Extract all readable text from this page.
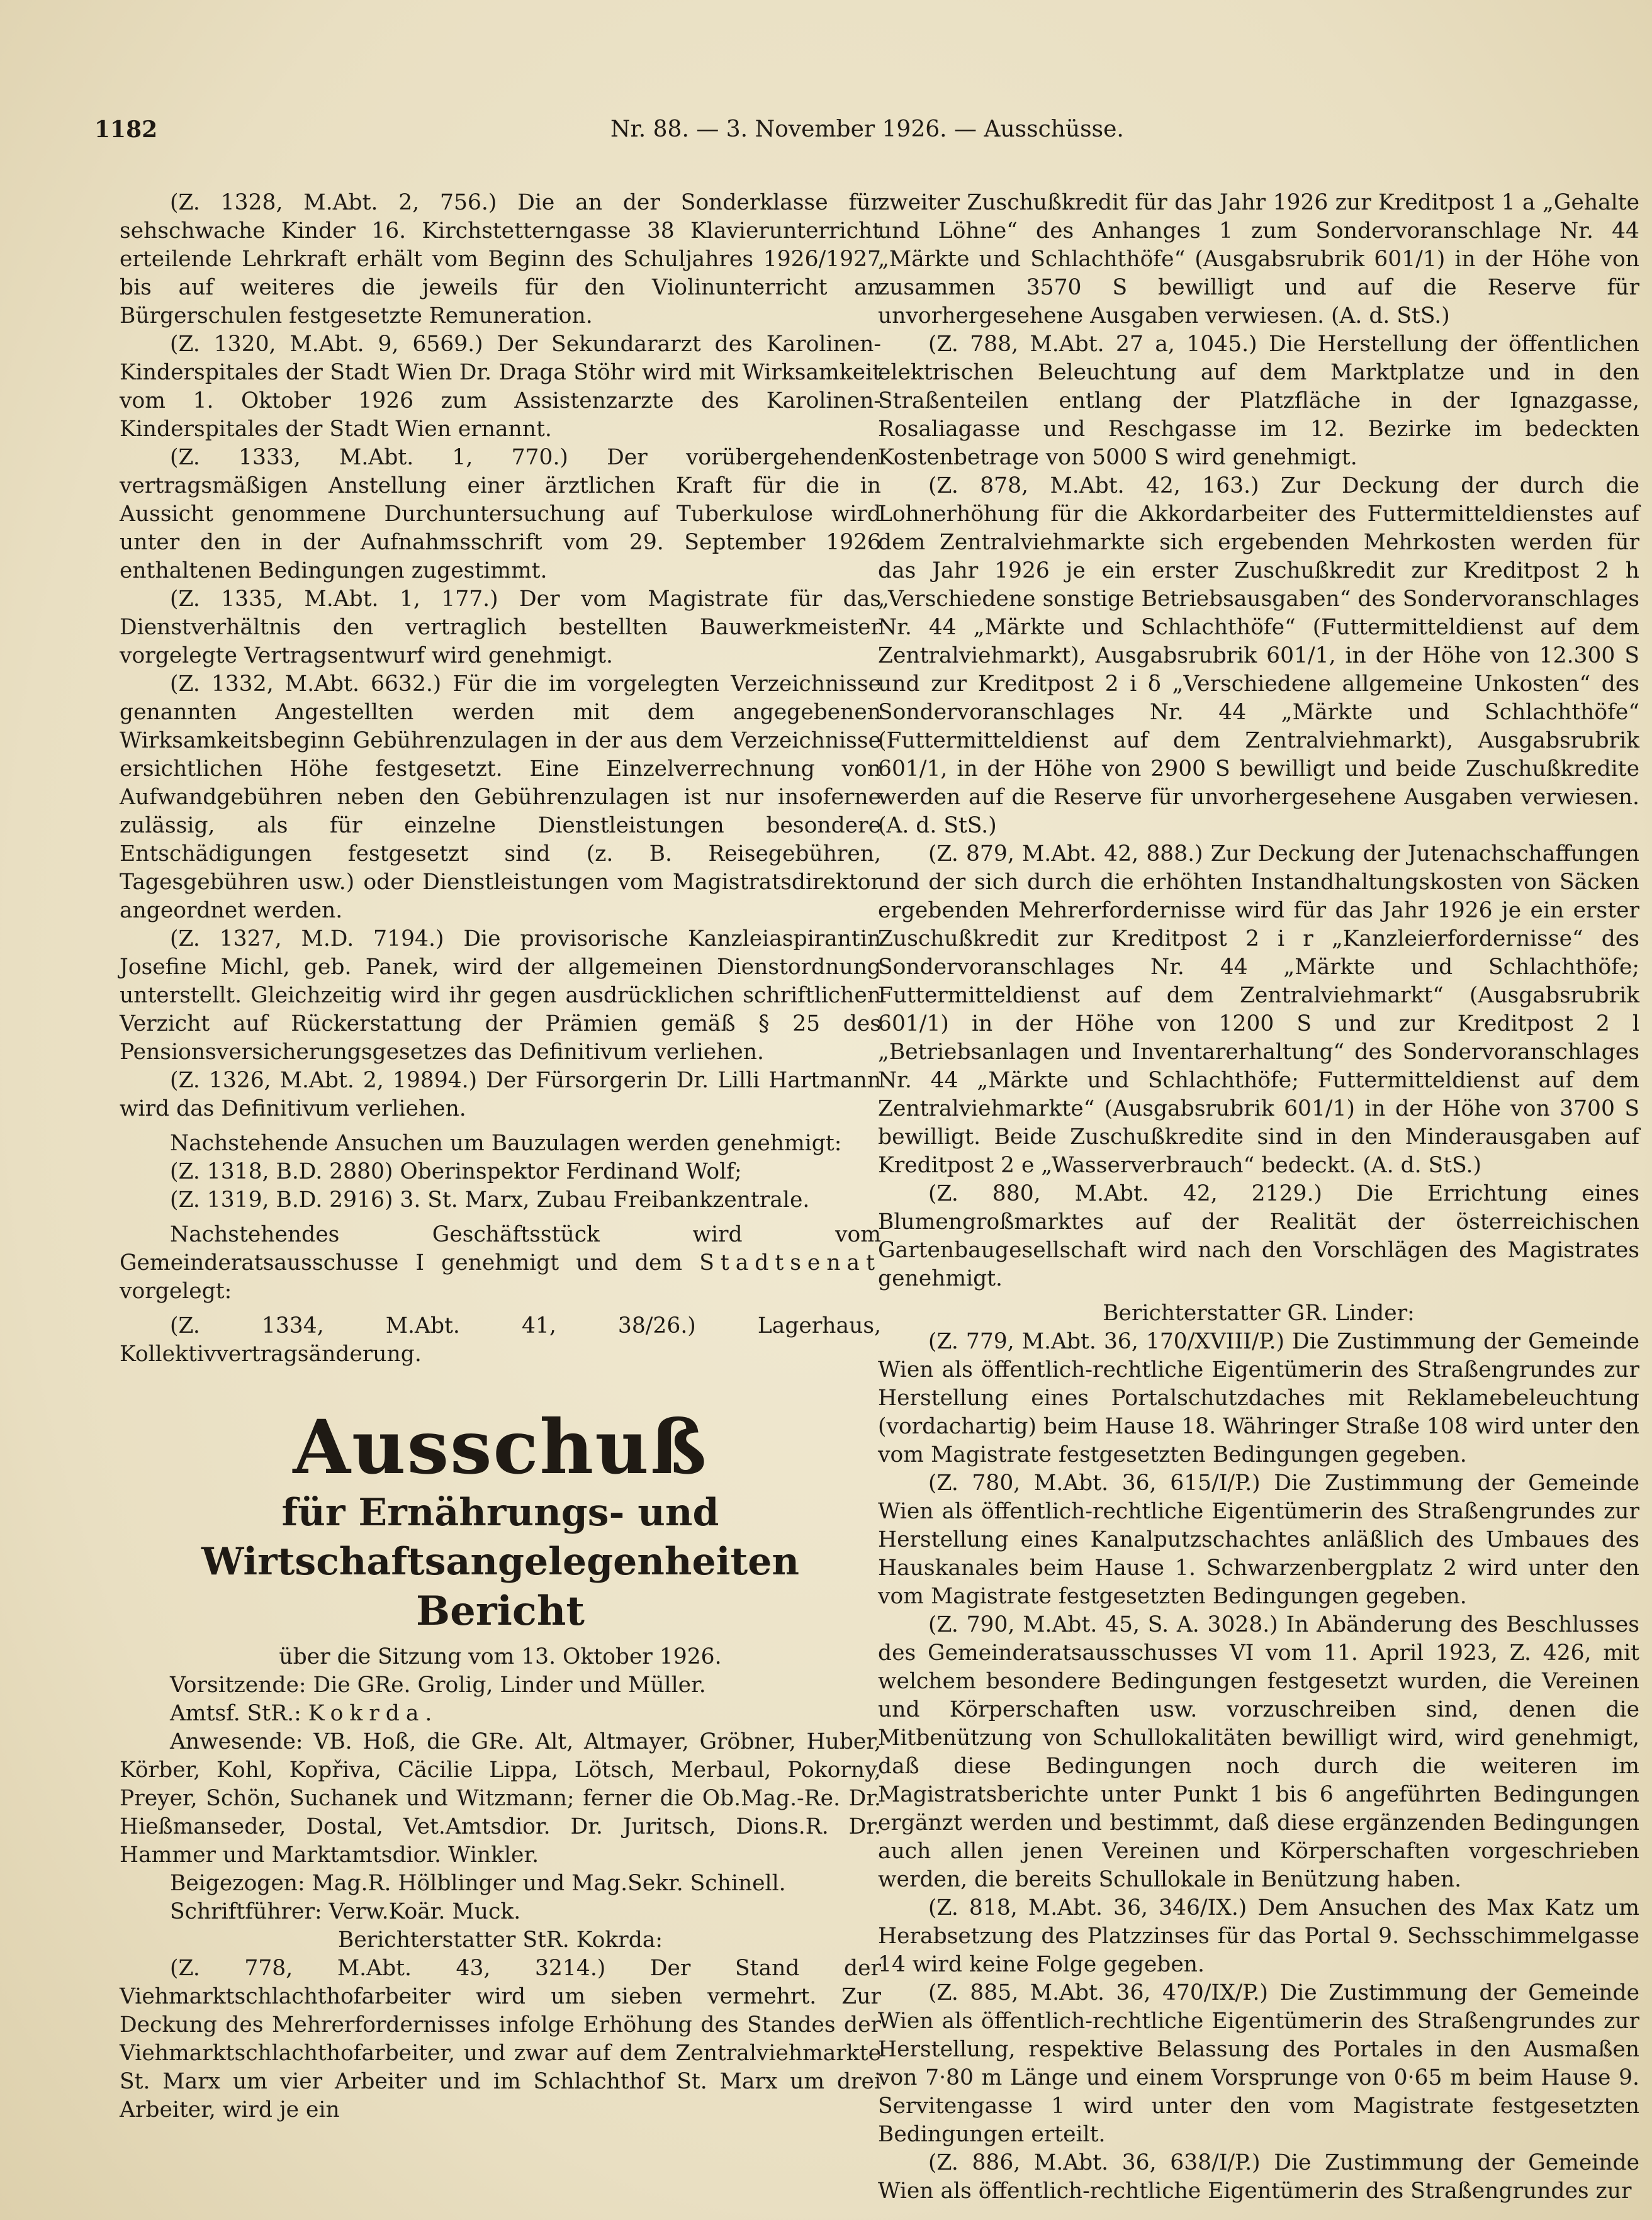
1182	Nr. 88. — 3. November 1926. — Ausschüsse.

(Z. 1328, M.Abt. 2, 756.) Die an der Sonderklasse für sehschwache Kinder 16. Kirchstetterngasse 38 Klavierunterricht erteilende Lehrkraft erhält vom Beginn des Schuljahres 1926/1927 bis auf weiteres die jeweils für den Violinunterricht an Bürgerschulen festgesetzte Remuneration.

(Z. 1320, M.Abt. 9, 6569.) Der Sekundararzt des Karolinen-Kinderspitales der Stadt Wien Dr. Draga Stöhr wird mit Wirksamkeit vom 1. Oktober 1926 zum Assistenzarzte des Karolinen-Kinderspitales der Stadt Wien ernannt.

(Z. 1333, M.Abt. 1, 770.) Der vorübergehenden vertragsmäßigen Anstellung einer ärztlichen Kraft für die in Aussicht genommene Durchuntersuchung auf Tuberkulose wird unter den in der Aufnahmsschrift vom 29. September 1926 enthaltenen Bedingungen zugestimmt.

(Z. 1335, M.Abt. 1, 177.) Der vom Magistrate für das Dienstverhältnis den vertraglich bestellten Bauwerkmeister vorgelegte Vertragsentwurf wird genehmigt.

(Z. 1332, M.Abt. 6632.) Für die im vorgelegten Verzeichnisse genannten Angestellten werden mit dem angegebenen Wirksamkeitsbeginn Gebührenzulagen in der aus dem Verzeichnisse ersichtlichen Höhe festgesetzt. Eine Einzelverrechnung von Aufwandgebühren neben den Gebührenzulagen ist nur insoferne zulässig, als für einzelne Dienstleistungen besondere Entschädigungen festgesetzt sind (z. B. Reisegebühren, Tagesgebühren usw.) oder Dienstleistungen vom Magistratsdirektor angeordnet werden.

(Z. 1327, M.D. 7194.) Die provisorische Kanzleiaspirantin Josefine Michl, geb. Panek, wird der allgemeinen Dienstordnung unterstellt. Gleichzeitig wird ihr gegen ausdrücklichen schriftlichen Verzicht auf Rückerstattung der Prämien gemäß § 25 des Pensionsversicherungsgesetzes das Definitivum verliehen.

(Z. 1326, M.Abt. 2, 19894.) Der Fürsorgerin Dr. Lilli Hartmann wird das Definitivum verliehen.

Nachstehende Ansuchen um Bauzulagen werden genehmigt:

(Z. 1318, B.D. 2880) Oberinspektor Ferdinand Wolf;

(Z. 1319, B.D. 2916) 3. St. Marx, Zubau Freibankzentrale.

Nachstehendes Geschäftsstück wird vom Gemeinderatsausschusse I genehmigt und dem Stadtsenat vorgelegt:

(Z. 1334, M.Abt. 41, 38/26.) Lagerhaus, Kollektivvertragsänderung.

Ausschuß
für Ernährungs- und Wirtschaftsangelegenheiten
Bericht

über die Sitzung vom 13. Oktober 1926.

Vorsitzende: Die GRe. Grolig, Linder und Müller.

Amtsf. StR.: Kokrda.

Anwesende: VB. Hoß, die GRe. Alt, Altmayer, Gröbner, Huber, Körber, Kohl, Kopřiva, Cäcilie Lippa, Lötsch, Merbaul, Pokorny, Preyer, Schön, Suchanek und Witzmann; ferner die Ob.Mag.-Re. Dr. Hießmanseder, Dostal, Vet.Amtsdior. Dr. Juritsch, Dions.R. Dr. Hammer und Marktamtsdior. Winkler.

Beigezogen: Mag.R. Hölblinger und Mag.Sekr. Schinell.

Schriftführer: Verw.Koär. Muck.

Berichterstatter StR. Kokrda:

(Z. 778, M.Abt. 43, 3214.) Der Stand der Viehmarktschlachthofarbeiter wird um sieben vermehrt. Zur Deckung des Mehrerfordernisses infolge Erhöhung des Standes der Viehmarktschlachthofarbeiter, und zwar auf dem Zentralviehmarkte St. Marx um vier Arbeiter und im Schlachthof St. Marx um drei Arbeiter, wird je ein

zweiter Zuschußkredit für das Jahr 1926 zur Kreditpost 1 a „Gehalte und Löhne“ des Anhanges 1 zum Sondervoranschlage Nr. 44 „Märkte und Schlachthöfe“ (Ausgabsrubrik 601/1) in der Höhe von zusammen 3570 S bewilligt und auf die Reserve für unvorhergesehene Ausgaben verwiesen. (A. d. StS.)

(Z. 788, M.Abt. 27 a, 1045.) Die Herstellung der öffentlichen elektrischen Beleuchtung auf dem Marktplatze und in den Straßenteilen entlang der Platzfläche in der Ignazgasse, Rosaliagasse und Reschgasse im 12. Bezirke im bedeckten Kostenbetrage von 5000 S wird genehmigt.

(Z. 878, M.Abt. 42, 163.) Zur Deckung der durch die Lohnerhöhung für die Akkordarbeiter des Futtermitteldienstes auf dem Zentralviehmarkte sich ergebenden Mehrkosten werden für das Jahr 1926 je ein erster Zuschußkredit zur Kreditpost 2 h „Verschiedene sonstige Betriebsausgaben“ des Sondervoranschlages Nr. 44 „Märkte und Schlachthöfe“ (Futtermitteldienst auf dem Zentralviehmarkt), Ausgabsrubrik 601/1, in der Höhe von 12.300 S und zur Kreditpost 2 i δ „Verschiedene allgemeine Unkosten“ des Sondervoranschlages Nr. 44 „Märkte und Schlachthöfe“ (Futtermitteldienst auf dem Zentralviehmarkt), Ausgabsrubrik 601/1, in der Höhe von 2900 S bewilligt und beide Zuschußkredite werden auf die Reserve für unvorhergesehene Ausgaben verwiesen. (A. d. StS.)

(Z. 879, M.Abt. 42, 888.) Zur Deckung der Jutenachschaffungen und der sich durch die erhöhten Instandhaltungskosten von Säcken ergebenden Mehrerfordernisse wird für das Jahr 1926 je ein erster Zuschußkredit zur Kreditpost 2 i r „Kanzleierfordernisse“ des Sondervoranschlages Nr. 44 „Märkte und Schlachthöfe; Futtermitteldienst auf dem Zentralviehmarkt“ (Ausgabsrubrik 601/1) in der Höhe von 1200 S und zur Kreditpost 2 l „Betriebsanlagen und Inventarerhaltung“ des Sondervoranschlages Nr. 44 „Märkte und Schlachthöfe; Futtermitteldienst auf dem Zentralviehmarkte“ (Ausgabsrubrik 601/1) in der Höhe von 3700 S bewilligt. Beide Zuschußkredite sind in den Minderausgaben auf Kreditpost 2 e „Wasserverbrauch“ bedeckt. (A. d. StS.)

(Z. 880, M.Abt. 42, 2129.) Die Errichtung eines Blumengroßmarktes auf der Realität der österreichischen Gartenbaugesellschaft wird nach den Vorschlägen des Magistrates genehmigt.

Berichterstatter GR. Linder:

(Z. 779, M.Abt. 36, 170/XVIII/P.) Die Zustimmung der Gemeinde Wien als öffentlich-rechtliche Eigentümerin des Straßengrundes zur Herstellung eines Portalschutzdaches mit Reklamebeleuchtung (vordachartig) beim Hause 18. Währinger Straße 108 wird unter den vom Magistrate festgesetzten Bedingungen gegeben.

(Z. 780, M.Abt. 36, 615/I/P.) Die Zustimmung der Gemeinde Wien als öffentlich-rechtliche Eigentümerin des Straßengrundes zur Herstellung eines Kanalputzschachtes anläßlich des Umbaues des Hauskanales beim Hause 1. Schwarzenbergplatz 2 wird unter den vom Magistrate festgesetzten Bedingungen gegeben.

(Z. 790, M.Abt. 45, S. A. 3028.) In Abänderung des Beschlusses des Gemeinderatsausschusses VI vom 11. April 1923, Z. 426, mit welchem besondere Bedingungen festgesetzt wurden, die Vereinen und Körperschaften usw. vorzuschreiben sind, denen die Mitbenützung von Schullokalitäten bewilligt wird, wird genehmigt, daß diese Bedingungen noch durch die weiteren im Magistratsberichte unter Punkt 1 bis 6 angeführten Bedingungen ergänzt werden und bestimmt, daß diese ergänzenden Bedingungen auch allen jenen Vereinen und Körperschaften vorgeschrieben werden, die bereits Schullokale in Benützung haben.

(Z. 818, M.Abt. 36, 346/IX.) Dem Ansuchen des Max Katz um Herabsetzung des Platzzinses für das Portal 9. Sechsschimmelgasse 14 wird keine Folge gegeben.

(Z. 885, M.Abt. 36, 470/IX/P.) Die Zustimmung der Gemeinde Wien als öffentlich-rechtliche Eigentümerin des Straßengrundes zur Herstellung, respektive Belassung des Portales in den Ausmaßen von 7·80 m Länge und einem Vorsprunge von 0·65 m beim Hause 9. Servitengasse 1 wird unter den vom Magistrate festgesetzten Bedingungen erteilt.

(Z. 886, M.Abt. 36, 638/I/P.) Die Zustimmung der Gemeinde Wien als öffentlich-rechtliche Eigentümerin des Straßengrundes zur
